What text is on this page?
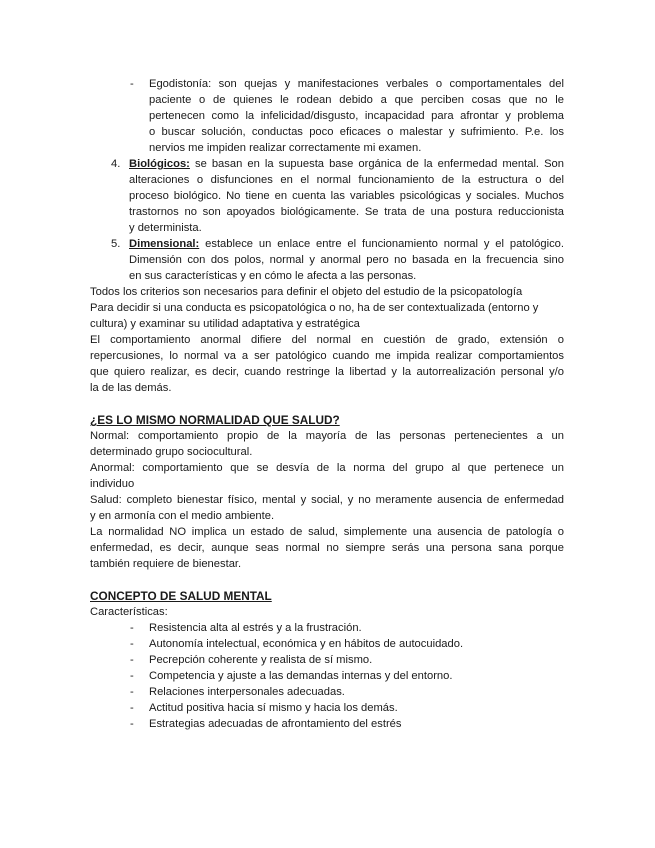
- Egodistonía: son quejas y manifestaciones verbales o comportamentales del
paciente o de quienes le rodean debido a que perciben cosas que no le
pertenecen como la infelicidad/disgusto, incapacidad para afrontar y problema
o buscar solución, conductas poco eficaces o malestar y sufrimiento. P.e. los
nervios me impiden realizar correctamente mi examen.
4. Biológicos: se basan en la supuesta base orgánica de la enfermedad mental. Son
alteraciones o disfunciones en el normal funcionamiento de la estructura o del
proceso biológico. No tiene en cuenta las variables psicológicas y sociales. Muchos
trastornos no son apoyados biológicamente. Se trata de una postura reduccionista
y determinista.
5. Dimensional: establece un enlace entre el funcionamiento normal y el patológico.
Dimensión con dos polos, normal y anormal pero no basada en la frecuencia sino
en sus características y en cómo le afecta a las personas.
Todos los criterios son necesarios para definir el objeto del estudio de la psicopatología
Para decidir si una conducta es psicopatológica o no, ha de ser contextualizada (entorno y
cultura) y examinar su utilidad adaptativa y estratégica
El comportamiento anormal difiere del normal en cuestión de grado, extensión o
repercusiones, lo normal va a ser patológico cuando me impida realizar comportamientos
que quiero realizar, es decir, cuando restringe la libertad y la autorrealización personal y/o
la de las demás.
¿ES LO MISMO NORMALIDAD QUE SALUD?
Normal: comportamiento propio de la mayoría de las personas pertenecientes a un
determinado grupo sociocultural.
Anormal: comportamiento que se desvía de la norma del grupo al que pertenece un
individuo
Salud: completo bienestar físico, mental y social, y no meramente ausencia de enfermedad
y en armonía con el medio ambiente.
La normalidad NO implica un estado de salud, simplemente una ausencia de patología o
enfermedad, es decir, aunque seas normal no siempre serás una persona sana porque
también requiere de bienestar.
CONCEPTO DE SALUD MENTAL
Características:
- Resistencia alta al estrés y a la frustración.
- Autonomía intelectual, económica y en hábitos de autocuidado.
- Pecrepción coherente y realista de sí mismo.
- Competencia y ajuste a las demandas internas y del entorno.
- Relaciones interpersonales adecuadas.
- Actitud positiva hacia sí mismo y hacia los demás.
- Estrategias adecuadas de afrontamiento del estrés
